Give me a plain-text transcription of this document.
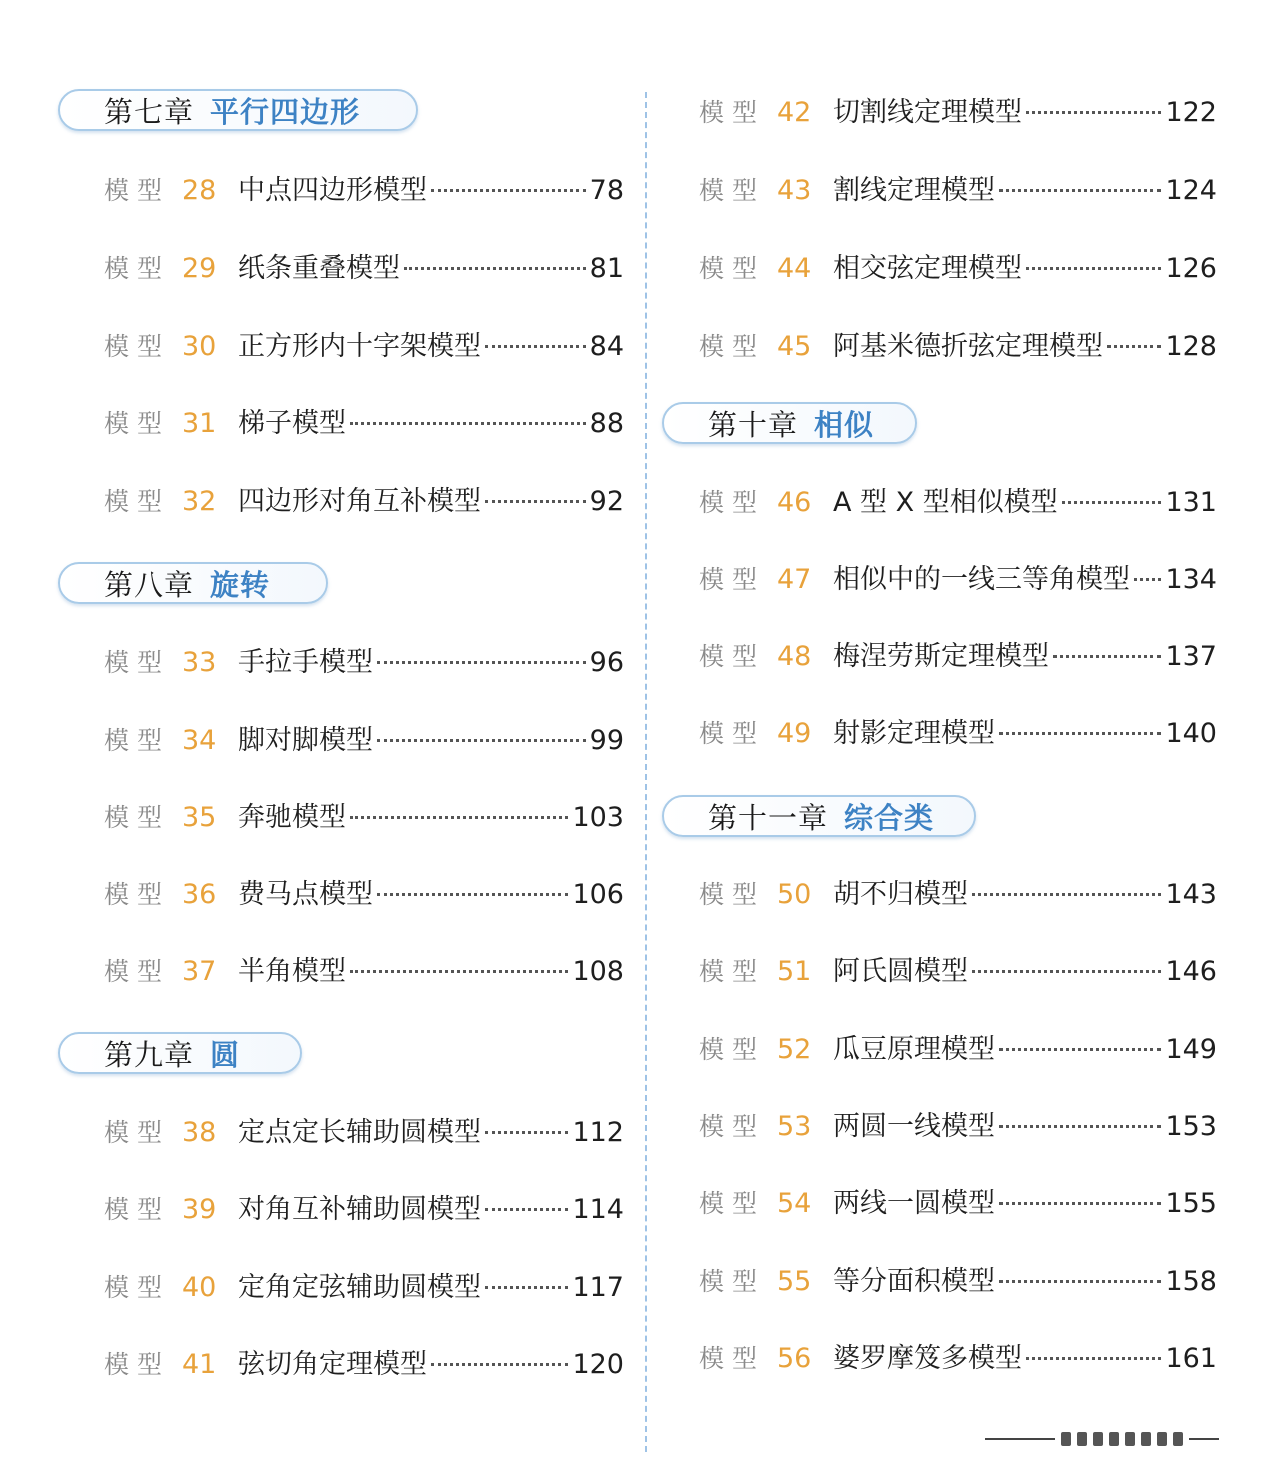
第七章 平行四边形
模型 28 中点四边形模型	78
模型 29 纸条重叠模型	81
模型 30 正方形内十字架模型	84
模型 31 梯子模型	88
模型 32 四边形对角互补模型	92
第八章 旋转
模型 33 手拉手模型	96
模型 34 脚对脚模型	99
模型 35 奔驰模型	103
模型 36 费马点模型	106
模型 37 半角模型	108
第九章 圆
模型 38 定点定长辅助圆模型	112
模型 39 对角互补辅助圆模型	114
模型 40 定角定弦辅助圆模型	117
模型 41 弦切角定理模型	120
模型 42 切割线定理模型	122
模型 43 割线定理模型	124
模型 44 相交弦定理模型	126
模型 45 阿基米德折弦定理模型 128
第十章 相似
模型 46 A 型 X 型相似模型	131
模型 47 相似中的一线三等角模型 134
模型 48 梅涅劳斯定理模型	137
模型 49 射影定理模型	140
第十一章 综合类
模型 50 胡不归模型	143
模型 51 阿氏圆模型	146
模型 52 瓜豆原理模型	149
模型 53 两圆一线模型	153
模型 54 两线一圆模型	155
模型 55 等分面积模型	158
模型 56 婆罗摩笈多模型	161
